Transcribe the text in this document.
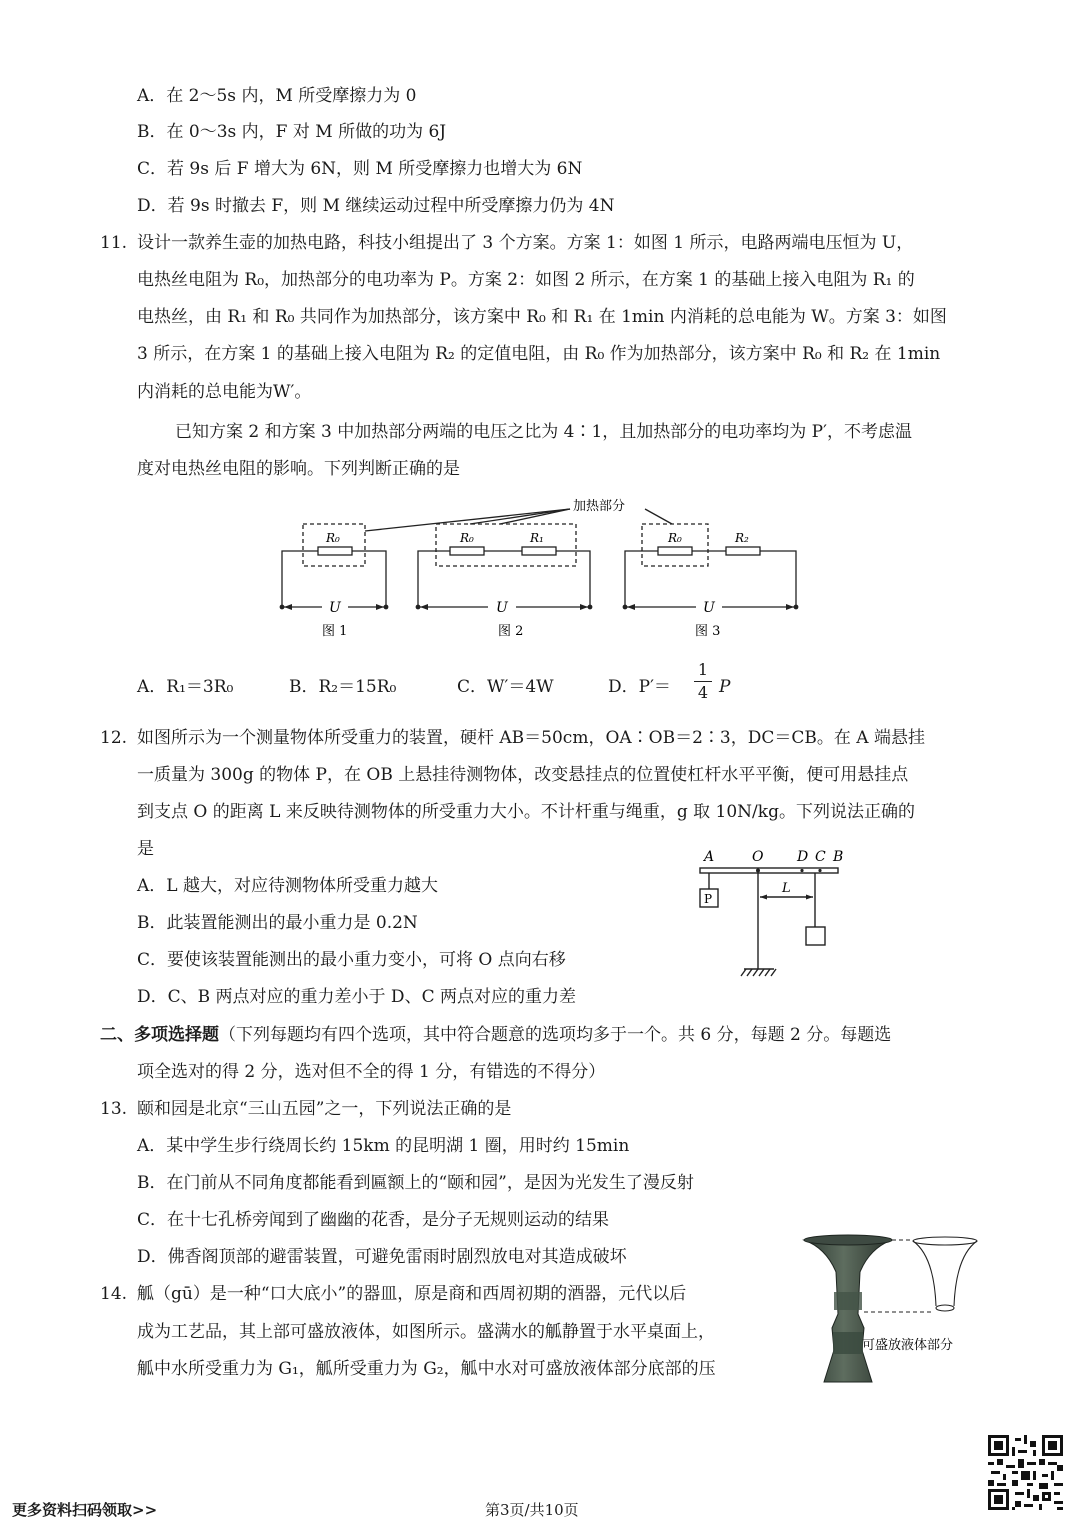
A．在 2～5s 内，M 所受摩擦力为 0
B．在 0～3s 内，F 对 M 所做的功为 6J
C．若 9s 后 F 增大为 6N，则 M 所受摩擦力也增大为 6N
D．若 9s 时撤去 F，则 M 继续运动过程中所受摩擦力仍为 4N
11. 设计一款养生壶的加热电路，科技小组提出了 3 个方案。方案 1：如图 1 所示，电路两端电压恒为 U，
电热丝电阻为 R₀，加热部分的电功率为 P。方案 2：如图 2 所示，在方案 1 的基础上接入电阻为 R₁ 的
电热丝，由 R₁ 和 R₀ 共同作为加热部分，该方案中 R₀ 和 R₁ 在 1min 内消耗的总电能为 W。方案 3：如图
3 所示，在方案 1 的基础上接入电阻为 R₂ 的定值电阻，由 R₀ 作为加热部分，该方案中 R₀ 和 R₂ 在 1min
内消耗的总电能为W′。
已知方案 2 和方案 3 中加热部分两端的电压之比为 4∶1，且加热部分的电功率均为 P′，不考虑温
度对电热丝电阻的影响。下列判断正确的是
加热部分
R₀	R₀	R₁	R₀	R₂
U	U	U
图 1	图 2	图 3
A．R₁＝3R₀	B．R₂＝15R₀	C．W′＝4W	D．P′＝
1
4 P
12. 如图所示为一个测量物体所受重力的装置，硬杆 AB＝50cm，OA∶OB＝2∶3，DC＝CB。在 A 端悬挂
一质量为 300g 的物体 P，在 OB 上悬挂待测物体，改变悬挂点的位置使杠杆水平平衡，便可用悬挂点
到支点 O 的距离 L 来反映待测物体的所受重力大小。不计杆重与绳重，g 取 10N/kg。下列说法正确的
是
A．L 越大，对应待测物体所受重力越大
B．此装置能测出的最小重力是 0.2N
C．要使该装置能测出的最小重力变小，可将 O 点向右移
D．C、B 两点对应的重力差小于 D、C 两点对应的重力差
A	O D C B
L
P
二、多项选择题（下列每题均有四个选项，其中符合题意的选项均多于一个。共 6 分，每题 2 分。每题选
项全选对的得 2 分，选对但不全的得 1 分，有错选的不得分）
13. 颐和园是北京“三山五园”之一，下列说法正确的是
A．某中学生步行绕周长约 15km 的昆明湖 1 圈，用时约 15min
B．在门前从不同角度都能看到匾额上的“颐和园”，是因为光发生了漫反射
C．在十七孔桥旁闻到了幽幽的花香，是分子无规则运动的结果
D．佛香阁顶部的避雷装置，可避免雷雨时剧烈放电对其造成破坏
14. 觚（gū）是一种“口大底小”的器皿，原是商和西周初期的酒器，元代以后
成为工艺品，其上部可盛放液体，如图所示。盛满水的觚静置于水平桌面上，
觚中水所受重力为 G₁，觚所受重力为 G₂，觚中水对可盛放液体部分底部的压
可盛放液体部分
更多资料扫码领取>>	第3页/共10页
